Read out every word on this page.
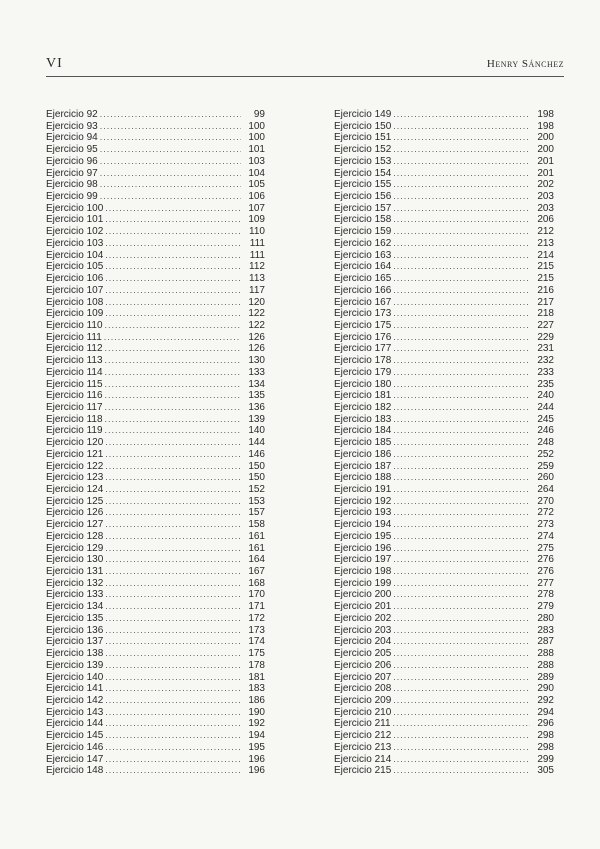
VI	Henry Sánchez
Ejercicio 92 .....	99
Ejercicio 93 .....	100
Ejercicio 94 .....	100
Ejercicio 95 .....	101
Ejercicio 96 .....	103
Ejercicio 97 .....	104
Ejercicio 98 .....	105
Ejercicio 99 .....	106
Ejercicio 100 .....	107
Ejercicio 101 .....	109
Ejercicio 102 .....	110
Ejercicio 103 .....	111
Ejercicio 104 .....	111
Ejercicio 105 .....	112
Ejercicio 106 .....	113
Ejercicio 107 .....	117
Ejercicio 108 .....	120
Ejercicio 109 .....	122
Ejercicio 110 .....	122
Ejercicio 111 .....	126
Ejercicio 112 .....	126
Ejercicio 113 .....	130
Ejercicio 114 .....	133
Ejercicio 115 .....	134
Ejercicio 116 .....	135
Ejercicio 117 .....	136
Ejercicio 118 .....	139
Ejercicio 119 .....	140
Ejercicio 120 .....	144
Ejercicio 121 .....	146
Ejercicio 122 .....	150
Ejercicio 123 .....	150
Ejercicio 124 .....	152
Ejercicio 125 .....	153
Ejercicio 126 .....	157
Ejercicio 127 .....	158
Ejercicio 128 .....	161
Ejercicio 129 .....	161
Ejercicio 130 .....	164
Ejercicio 131 .....	167
Ejercicio 132 .....	168
Ejercicio 133 .....	170
Ejercicio 134 .....	171
Ejercicio 135 .....	172
Ejercicio 136 .....	173
Ejercicio 137 .....	174
Ejercicio 138 .....	175
Ejercicio 139 .....	178
Ejercicio 140 .....	181
Ejercicio 141 .....	183
Ejercicio 142 .....	186
Ejercicio 143 .....	190
Ejercicio 144 .....	192
Ejercicio 145 .....	194
Ejercicio 146 .....	195
Ejercicio 147 .....	196
Ejercicio 148 .....	196
Ejercicio 149 .....	198
Ejercicio 150 .....	198
Ejercicio 151 .....	200
Ejercicio 152 .....	200
Ejercicio 153 .....	201
Ejercicio 154 .....	201
Ejercicio 155 .....	202
Ejercicio 156 .....	203
Ejercicio 157 .....	203
Ejercicio 158 .....	206
Ejercicio 159 .....	212
Ejercicio 162 .....	213
Ejercicio 163 .....	214
Ejercicio 164 .....	215
Ejercicio 165 .....	215
Ejercicio 166 .....	216
Ejercicio 167 .....	217
Ejercicio 173 .....	218
Ejercicio 175 .....	227
Ejercicio 176 .....	229
Ejercicio 177 .....	231
Ejercicio 178 .....	232
Ejercicio 179 .....	233
Ejercicio 180 .....	235
Ejercicio 181 .....	240
Ejercicio 182 .....	244
Ejercicio 183 .....	245
Ejercicio 184 .....	246
Ejercicio 185 .....	248
Ejercicio 186 .....	252
Ejercicio 187 .....	259
Ejercicio 188 .....	260
Ejercicio 191 .....	264
Ejercicio 192 .....	270
Ejercicio 193 .....	272
Ejercicio 194 .....	273
Ejercicio 195 .....	274
Ejercicio 196 .....	275
Ejercicio 197 .....	276
Ejercicio 198 .....	276
Ejercicio 199 .....	277
Ejercicio 200 .....	278
Ejercicio 201 .....	279
Ejercicio 202 .....	280
Ejercicio 203 .....	283
Ejercicio 204 .....	287
Ejercicio 205 .....	288
Ejercicio 206 .....	288
Ejercicio 207 .....	289
Ejercicio 208 .....	290
Ejercicio 209 .....	292
Ejercicio 210 .....	294
Ejercicio 211 .....	296
Ejercicio 212 .....	298
Ejercicio 213 .....	298
Ejercicio 214 .....	299
Ejercicio 215 .....	305
